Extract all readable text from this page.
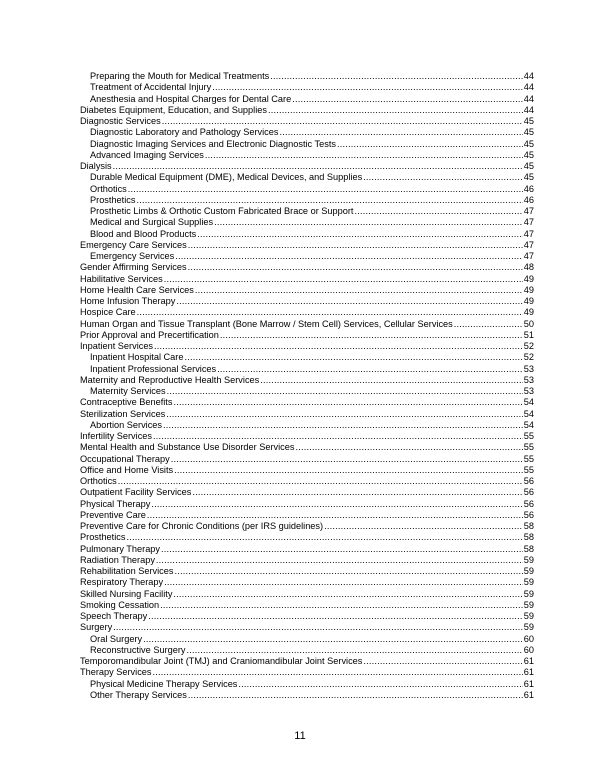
Preparing the Mouth for Medical Treatments .....	44
Treatment of Accidental Injury .....	44
Anesthesia and Hospital Charges for Dental Care .....	44
Diabetes Equipment, Education, and Supplies .....	44
Diagnostic Services .....	45
Diagnostic Laboratory and Pathology Services .....	45
Diagnostic Imaging Services and Electronic Diagnostic Tests .....	45
Advanced Imaging Services .....	45
Dialysis .....	45
Durable Medical Equipment (DME), Medical Devices, and Supplies .....	45
Orthotics .....	46
Prosthetics .....	46
Prosthetic Limbs & Orthotic Custom Fabricated Brace or Support .....	47
Medical and Surgical Supplies .....	47
Blood and Blood Products .....	47
Emergency Care Services .....	47
Emergency Services .....	47
Gender Affirming Services .....	48
Habilitative Services .....	49
Home Health Care Services .....	49
Home Infusion Therapy .....	49
Hospice Care .....	49
Human Organ and Tissue Transplant (Bone Marrow / Stem Cell) Services, Cellular Services .....	50
Prior Approval and Precertification .....	51
Inpatient Services .....	52
Inpatient Hospital Care .....	52
Inpatient Professional Services .....	53
Maternity and Reproductive Health Services .....	53
Maternity Services .....	53
Contraceptive Benefits .....	54
Sterilization Services .....	54
Abortion Services .....	54
Infertility Services .....	55
Mental Health and Substance Use Disorder Services .....	55
Occupational Therapy .....	55
Office and Home Visits .....	55
Orthotics .....	56
Outpatient Facility Services .....	56
Physical Therapy .....	56
Preventive Care .....	56
Preventive Care for Chronic Conditions (per IRS guidelines) .....	58
Prosthetics .....	58
Pulmonary Therapy .....	58
Radiation Therapy .....	59
Rehabilitation Services .....	59
Respiratory Therapy .....	59
Skilled Nursing Facility .....	59
Smoking Cessation .....	59
Speech Therapy .....	59
Surgery .....	59
Oral Surgery .....	60
Reconstructive Surgery .....	60
Temporomandibular Joint (TMJ) and Craniomandibular Joint Services .....	61
Therapy Services .....	61
Physical Medicine Therapy Services .....	61
Other Therapy Services .....	61
11
